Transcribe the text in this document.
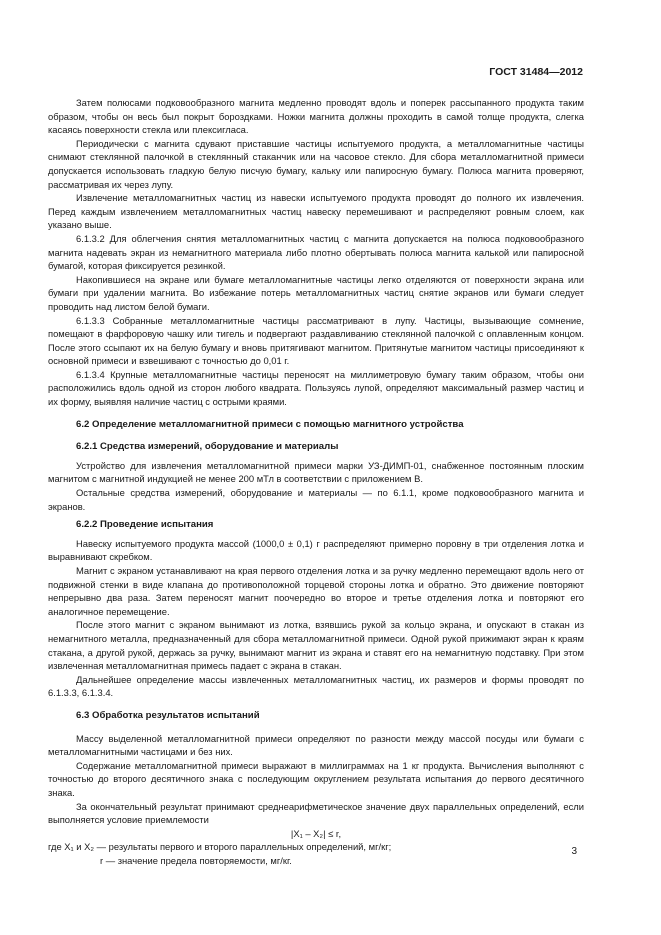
ГОСТ 31484—2012

Затем полюсами подковообразного магнита медленно проводят вдоль и поперек рассыпанного продукта таким образом, чтобы он весь был покрыт бороздками. Ножки магнита должны проходить в самой толще продукта, слегка касаясь поверхности стекла или плексигласа.

Периодически с магнита сдувают приставшие частицы испытуемого продукта, а металломагнитные частицы снимают стеклянной палочкой в стеклянный стаканчик или на часовое стекло. Для сбора металломагнитной примеси допускается использовать гладкую белую писчую бумагу, кальку или папиросную бумагу. Полюса магнита проверяют, рассматривая их через лупу.

Извлечение металломагнитных частиц из навески испытуемого продукта проводят до полного их извлечения. Перед каждым извлечением металломагнитных частиц навеску перемешивают и распределяют ровным слоем, как указано выше.

6.1.3.2 Для облегчения снятия металломагнитных частиц с магнита допускается на полюса подковообразного магнита надевать экран из немагнитного материала либо плотно обертывать полюса магнита калькой или папиросной бумагой, которая фиксируется резинкой.

Накопившиеся на экране или бумаге металломагнитные частицы легко отделяются от поверхности экрана или бумаги при удалении магнита. Во избежание потерь металломагнитных частиц снятие экранов или бумаги следует проводить над листом белой бумаги.

6.1.3.3 Собранные металломагнитные частицы рассматривают в лупу. Частицы, вызывающие сомнение, помещают в фарфоровую чашку или тигель и подвергают раздавливанию стеклянной палочкой с оплавленным концом. После этого ссыпают их на белую бумагу и вновь притягивают магнитом. Притянутые магнитом частицы присоединяют к основной примеси и взвешивают с точностью до 0,01 г.

6.1.3.4 Крупные металломагнитные частицы переносят на миллиметровую бумагу таким образом, чтобы они расположились вдоль одной из сторон любого квадрата. Пользуясь лупой, определяют максимальный размер частиц и их форму, выявляя наличие частиц с острыми краями.

6.2 Определение металломагнитной примеси с помощью магнитного устройства
6.2.1 Средства измерений, оборудование и материалы

Устройство для извлечения металломагнитной примеси марки УЗ-ДИМП-01, снабженное постоянным плоским магнитом с магнитной индукцией не менее 200 мТл в соответствии с приложением В.

Остальные средства измерений, оборудование и материалы — по 6.1.1, кроме подковообразного магнита и экранов.

6.2.2 Проведение испытания

Навеску испытуемого продукта массой (1000,0 ± 0,1) г распределяют примерно поровну в три отделения лотка и выравнивают скребком.

Магнит с экраном устанавливают на края первого отделения лотка и за ручку медленно перемещают вдоль него от подвижной стенки в виде клапана до противоположной торцевой стороны лотка и обратно. Это движение повторяют непрерывно два раза. Затем переносят магнит поочередно во второе и третье отделения лотка и повторяют его аналогичное перемещение.

После этого магнит с экраном вынимают из лотка, взявшись рукой за кольцо экрана, и опускают в стакан из немагнитного металла, предназначенный для сбора металломагнитной примеси. Одной рукой прижимают экран к краям стакана, а другой рукой, держась за ручку, вынимают магнит из экрана и ставят его на немагнитную подставку. При этом извлеченная металломагнитная примесь падает с экрана в стакан.

Дальнейшее определение массы извлеченных металломагнитных частиц, их размеров и формы проводят по 6.1.3.3, 6.1.3.4.

6.3 Обработка результатов испытаний

Массу выделенной металломагнитной примеси определяют по разности между массой посуды или бумаги с металломагнитными частицами и без них.

Содержание металломагнитной примеси выражают в миллиграммах на 1 кг продукта. Вычисления выполняют с точностью до второго десятичного знака с последующим округлением результата испытания до первого десятичного знака.

За окончательный результат принимают среднеарифметическое значение двух параллельных определений, если выполняется условие приемлемости

|X₁ – X₂| ≤ r,

где X₁ и X₂ — результаты первого и второго параллельных определений, мг/кг;

r — значение предела повторяемости, мг/кг.

3
